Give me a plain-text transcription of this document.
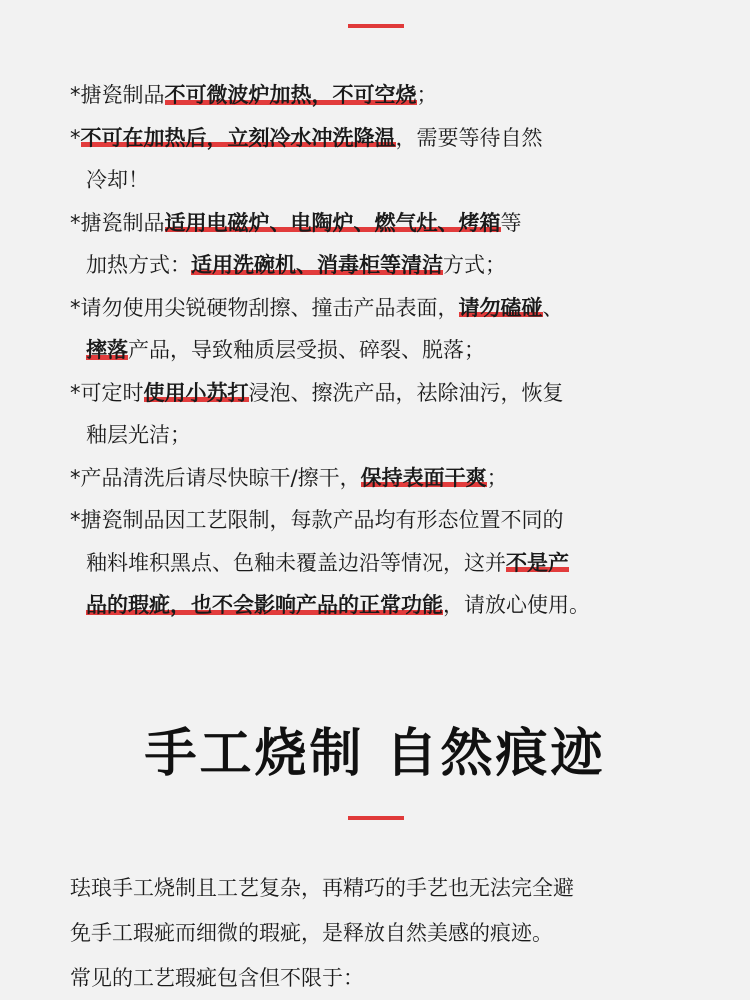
*搪瓷制品不可微波炉加热，不可空烧；
*不可在加热后，立刻冷水冲洗降温，需要等待自然
冷却！
*搪瓷制品适用电磁炉、电陶炉、燃气灶、烤箱等
加热方式：适用洗碗机、消毒柜等清洁方式；
*请勿使用尖锐硬物刮擦、撞击产品表面，请勿磕碰、
摔落产品，导致釉质层受损、碎裂、脱落；
*可定时使用小苏打浸泡、擦洗产品，祛除油污，恢复
釉层光洁；
*产品清洗后请尽快晾干/擦干，保持表面干爽；
*搪瓷制品因工艺限制，每款产品均有形态位置不同的
釉料堆积黑点、色釉未覆盖边沿等情况，这并不是产
品的瑕疵，也不会影响产品的正常功能，请放心使用。
手工烧制 自然痕迹
珐琅手工烧制且工艺复杂，再精巧的手艺也无法完全避
免手工瑕疵而细微的瑕疵，是释放自然美感的痕迹。
常见的工艺瑕疵包含但不限于：
